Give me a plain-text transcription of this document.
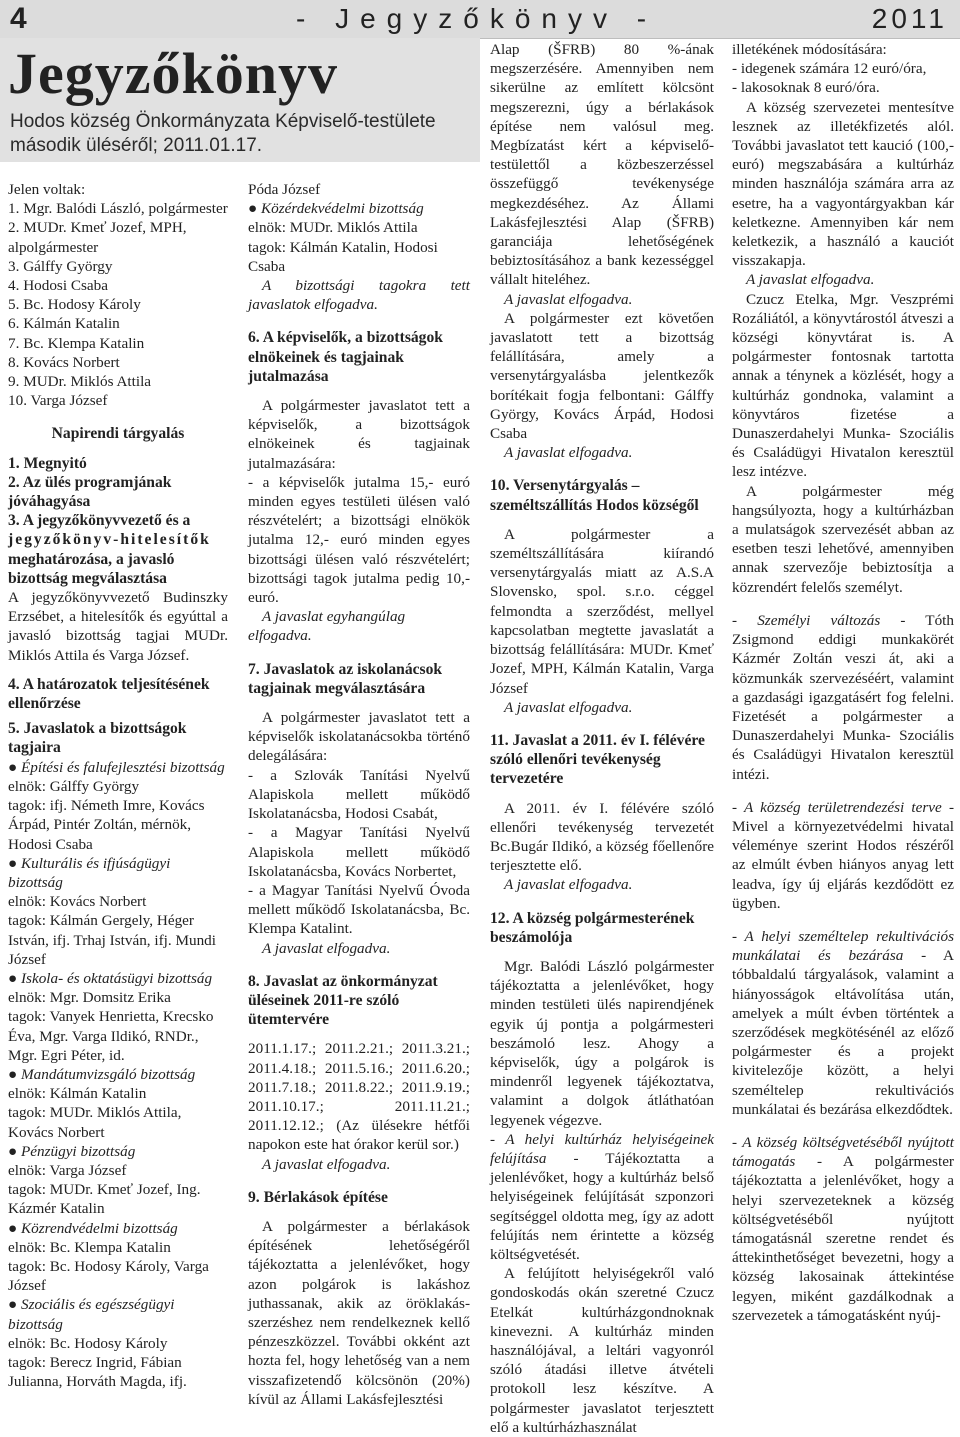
4	- Jegyzőkönyv -	2011
Jegyzőkönyv
Hodos község Önkormányzata Képviselő-testülete második üléséről; 2011.01.17.

Jelen voltak:

1. Mgr. Balódi László, polgármester

2. MUDr. Kmeť Jozef, MPH, alpolgármester

3. Gálffy György

4. Hodosi Csaba

5. Bc. Hodosy Károly

6. Kálmán Katalin

7. Bc. Klempa Katalin

8. Kovács Norbert

9. MUDr. Miklós Attila

10. Varga József

Napirendi tárgyalás

1. Megnyitó

2. Az ülés programjának jóváhagyása

3. A jegyzőkönyvvezető és a

jegyzőkönyv-hitelesítők

meghatározása, a javasló bizottság megválasztása

A jegyzőkönyvvezető Budinszky Erzsébet, a hitelesítők és egyúttal a javasló bizottság tagjai MUDr. Miklós Attila és Varga József.

4. A határozatok teljesítésének ellenőrzése

5. Javaslatok a bizottságok tagjaira

● Építési és falufejlesztési bizottság

elnök: Gálffy György

tagok: ifj. Németh Imre, Kovács Árpád, Pintér Zoltán, mérnök, Hodosi Csaba

● Kulturális és ifjúságügyi bizottság

elnök: Kovács Norbert

tagok: Kálmán Gergely, Héger István, ifj. Trhaj István, ifj. Mundi József

● Iskola- és oktatásügyi bizottság

elnök: Mgr. Domsitz Erika

tagok: Vanyek Henrietta, Krecsko Éva, Mgr. Varga Ildikó, RNDr., Mgr. Egri Péter, id.

● Mandátumvizsgáló bizottság

elnök: Kálmán Katalin

tagok: MUDr. Miklós Attila, Kovács Norbert

● Pénzügyi bizottság

elnök: Varga József

tagok: MUDr. Kmeť Jozef, Ing. Kázmér Katalin

● Közrendvédelmi bizottság

elnök: Bc. Klempa Katalin

tagok: Bc. Hodosy Károly, Varga József

● Szociális és egészségügyi bizottság

elnök: Bc. Hodosy Károly

tagok: Berecz Ingrid, Fábian Julianna, Horváth Magda, ifj.

Póda József

● Közérdekvédelmi bizottság

elnök: MUDr. Miklós Attila

tagok: Kálmán Katalin, Hodosi Csaba

A bizottsági tagokra tett javaslatok elfogadva.

6. A képviselők, a bizottságok elnökeinek és tagjainak jutalmazása

A polgármester javaslatot tett a képviselők, a bizottságok elnökeinek és tagjainak jutalmazására:

- a képviselők jutalma 15,- euró minden egyes testületi ülésen való részvételért; a bizottsági elnökök jutalma 12,- euró minden egyes bizottsági ülésen való részvételért; bizottsági tagok jutalma pedig 10,- euró.

A javaslat egyhangúlag elfogadva.

7. Javaslatok az iskolanácsok tagjainak megválasztására

A polgármester javaslatot tett a képviselők iskolatanácsokba történő delegálására:

- a Szlovák Tanítási Nyelvű Alapiskola mellett működő Iskolatanácsba, Hodosi Csabát,

- a Magyar Tanítási Nyelvű Alapiskola mellett működő Iskolatanácsba, Kovács Norbertet,

- a Magyar Tanítási Nyelvű Óvoda mellett működő Iskolatanácsba, Bc. Klempa Katalint.

A javaslat elfogadva.

8. Javaslat az önkormányzat üléseinek 2011-re szóló ütemtervére

2011.1.17.; 2011.2.21.; 2011.3.21.; 2011.4.18.; 2011.5.16.; 2011.6.20.; 2011.7.18.; 2011.8.22.; 2011.9.19.; 2011.10.17.; 2011.11.21.; 2011.12.12.; (Az ülésekre hétfői napokon este hat órakor kerül sor.)

A javaslat elfogadva.

9. Bérlakások építése

A polgármester a bérlakások építésének lehetőségéről tájékoztatta a jelenlévőket, hogy azon polgárok is lakáshoz juthassanak, akik az öröklakás-szerzéshez nem rendelkeznek kellő pénzeszközzel. További okként azt hozta fel, hogy lehetőség van a nem visszafizetendő kölcsönön (20%) kívül az Állami Lakásfejlesztési

Alap (ŠFRB) 80 %-ának megszerzésére. Amennyiben nem sikerülne az említett kölcsönt megszerezni, úgy a bérlakások építése nem valósul meg. Megbízatást kért a képviselő-testülettől a közbeszerzéssel összefüggő tevékenysége megkezdéséhez. Az Állami Lakásfejlesztési Alap (ŠFRB) garanciája lehetőségének bebiztosításához a bank kezességgel vállalt hiteléhez.

A javaslat elfogadva.

A polgármester ezt követően javaslatott tett a bizottság felállítására, amely a versenytárgyalásba jelentkezők borítékait fogja felbontani: Gálffy György, Kovács Árpád, Hodosi Csaba

A javaslat elfogadva.

10. Versenytárgyalás – személtszállítás Hodos községől

A polgármester a személtszállítására kiírandó versenytárgyalás miatt az A.S.A Slovensko, spol. s.r.o. céggel felmondta a szerződést, mellyel kapcsolatban megtette javaslatát a bizottság felállítására: MUDr. Kmeť Jozef, MPH, Kálmán Katalin, Varga József

A javaslat elfogadva.

11. Javaslat a 2011. év I. félévére szóló ellenőri tevékenység tervezetére

A 2011. év I. félévére szóló ellenőri tevékenység tervezetét Bc.Bugár Ildikó, a község főellenőre terjesztette elő.

A javaslat elfogadva.

12. A község polgármesterének beszámolója

Mgr. Balódi László polgármester tájékoztatta a jelenlévőket, hogy minden testületi ülés napirendjének egyik új pontja a polgármesteri beszámoló lesz. Ahogy a képviselők, úgy a polgárok is mindenről legyenek tájékoztatva, valamint a dolgok átláthatóan legyenek végezve.

- A helyi kultúrház helyiségeinek felújítása - Tájékoztatta a jelenlévőket, hogy a kultúrház belső helyiségeinek felújítását szponzori segítséggel oldotta meg, így az adott felújítás nem érintette a község költségvetését.

A felújított helyiségekről való gondoskodás okán szeretné Czucz Etelkát kultúrházgondnoknak kinevezni. A kultúrház minden használójával, a leltári vagyonról szóló átadási illetve átvételi protokoll lesz készítve. A polgármester javaslatot terjesztett elő a kultúrházhasználat

illetékének módosítására:

- idegenek számára 12 euró/óra,

- lakosoknak 8 euró/óra.

A község szervezetei mentesítve lesznek az illetékfizetés alól. További javaslatot tett kaució (100,-euró) megszabására a kultúrház minden használója számára arra az esetre, ha a vagyontárgyakban kár keletkezne. Amennyiben kár nem keletkezik, a használó a kauciót visszakapja.

A javaslat elfogadva.

Czucz Etelka, Mgr. Veszprémi Rozáliától, a könyvtárostól átveszi a községi könyvtárat is. A polgármester fontosnak tartotta annak a ténynek a közlését, hogy a kultúrház gondnoka, valamint a könyvtáros fizetése a Dunaszerdahelyi Munka- Szociális és Családügyi Hivatalon keresztül lesz intézve.

A polgármester még hangsúlyozta, hogy a kultúrházban a mulatságok szervezését abban az esetben teszi lehetővé, amennyiben annak szervezője bebiztosítja a közrendért felelős személyt.

- Személyi változás - Tóth Zsigmond eddigi munkakörét Kázmér Zoltán veszi át, aki a közmunkák szervezéséért, valamint a gazdasági igazgatásért fog felelni. Fizetését a polgármester a Dunaszerdahelyi Munka- Szociális és Családügyi Hivatalon keresztül intézi.

- A község területrendezési terve - Mivel a környezetvédelmi hivatal véleménye szerint Hodos részéről az elmúlt évben hiányos anyag lett leadva, így új eljárás kezdődött ez ügyben.

- A helyi személtelep rekultivációs munkálatai és bezárása - A tóbbaldalú tárgyalások, valamint a hiányosságok eltávolítása után, amelyek a múlt évben történtek a szerződések megkötésénél az előző polgármester és a projekt kivitelezője között, a helyi személtelep rekultivációs munkálatai és bezárása elkezdődtek.

- A község költségvetéséből nyújtott támogatás - A polgármester tájékoztatta a jelenlévőket, hogy a helyi szervezeteknek a község költségvetéséből nyújtott támogatásnál szeretne rendet és áttekinthetőséget bevezetni, hogy a község lakosainak áttekintése legyen, miként gazdálkodnak a szervezetek a támogatásként nyúj-
